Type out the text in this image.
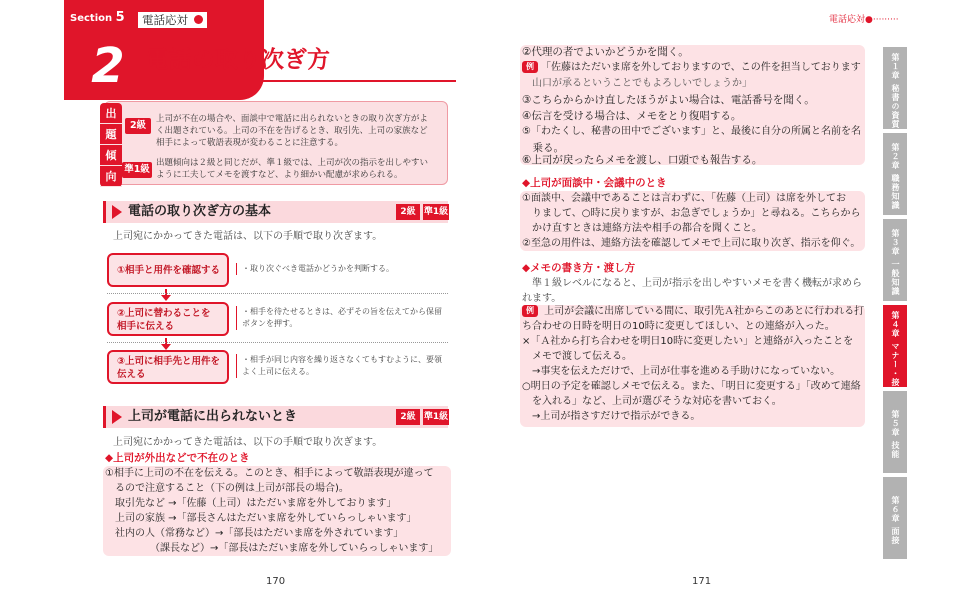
Section 5	電話応対
2 電話の取り次ぎ方
出
題
傾
向
2級
上司が不在の場合や、面談中で電話に出られないときの取り次ぎ方がよ
く出題されている。上司の不在を告げるとき、取引先、上司の家族など
相手によって敬語表現が変わることに注意する。
準1級
出題傾向は２級と同じだが、準１級では、上司が次の指示を出しやすい
ように工夫してメモを渡すなど、より細かい配慮が求められる。
電話の取り次ぎ方の基本	2級 準1級
上司宛にかかってきた電話は、以下の手順で取り次ぎます。
①相手と用件を確認する	・取り次ぐべき電話かどうかを判断する。
②上司に替わることを
相手に伝える
・相手を待たせるときは、必ずその旨を伝えてから保留
ボタンを押す。
③上司に相手先と用件を
伝える
・相手が同じ内容を繰り返さなくてもすむように、要領
よく上司に伝える。
上司が電話に出られないとき	2級 準1級
上司宛にかかってきた電話は、以下の手順で取り次ぎます。
◆上司が外出などで不在のとき
①相手に上司の不在を伝える。このとき、相手によって敬語表現が違って
　るので注意すること（下の例は上司が部長の場合)。
　取引先など →「佐藤（上司）はただいま席を外しております」
　上司の家族 →「部長さんはただいま席を外していらっしゃいます」
　社内の人（常務など）→「部長はただいま席を外されています」
　　　　　（課長など）→「部長はただいま席を外していらっしゃいます」
170
電話応対●·········
②代理の者でよいかどうかを聞く。
例 「佐藤はただいま席を外しておりますので、この件を担当しております
　山口が承るということでもよろしいでしょうか」
③こちらからかけ直したほうがよい場合は、電話番号を聞く。
④伝言を受ける場合は、メモをとり復唱する。
⑤「わたくし、秘書の田中でございます」と、最後に自分の所属と名前を名
　乗る。
⑥上司が戻ったらメモを渡し、口頭でも報告する。
◆上司が面談中・会議中のとき
①面談中、会議中であることは言わずに、「佐藤（上司）は席を外してお
　りまして、○時に戻りますが、お急ぎでしょうか」と尋ねる。こちらから
　かけ直すときは連絡方法や相手の都合を聞くこと。
②至急の用件は、連絡方法を確認してメモで上司に取り次ぎ、指示を仰ぐ。
◆メモの書き方・渡し方
　準１級レベルになると、上司が指示を出しやすいメモを書く機転が求めら
れます。
例 上司が会議に出席している間に、取引先Ａ社からこのあとに行われる打
ち合わせの日時を明日の10時に変更してほしい、との連絡が入った。
×「Ａ社から打ち合わせを明日10時に変更したい」と連絡が入ったことを
　メモで渡して伝える。
　→事実を伝えただけで、上司が仕事を進める手助けになっていない。
○明日の予定を確認しメモで伝える。また、「明日に変更する」「改めて連絡
　を入れる」など、上司が選びそうな対応を書いておく。
　→上司が指さすだけで指示ができる。
第１章 秘書の資質
第２章 職務知識
第３章 一般知識
第４章 マナー・接遇
第５章 技能
第６章 面接
171
